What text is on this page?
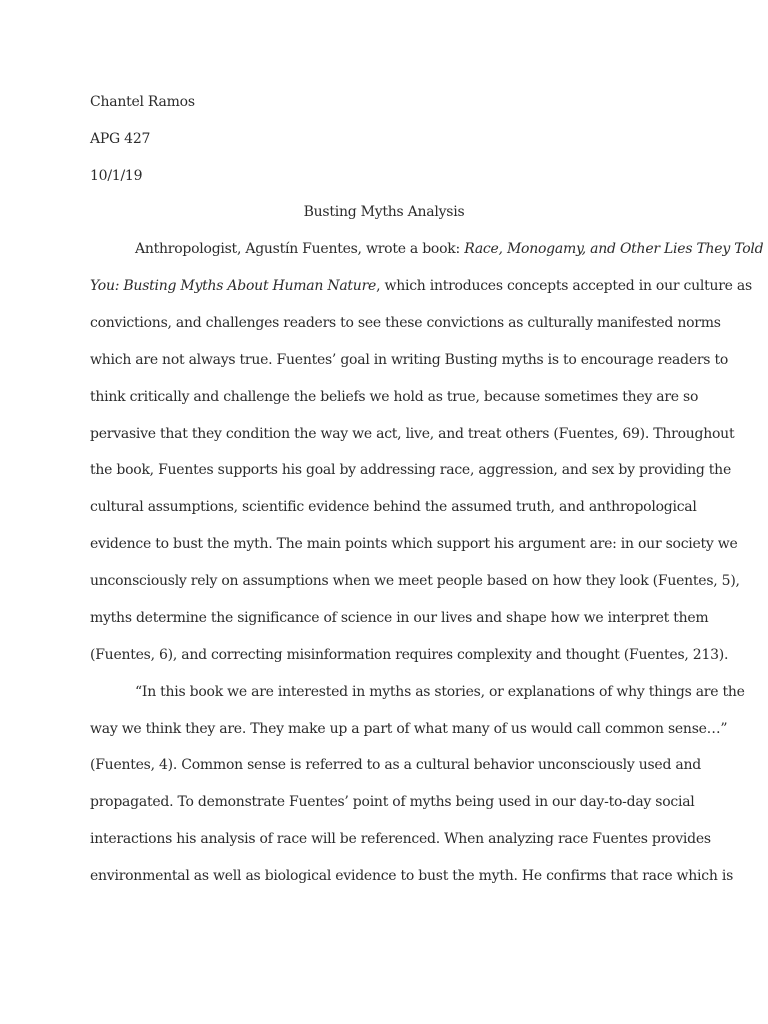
Chantel Ramos
APG 427
10/1/19
Busting Myths Analysis
Anthropologist, Agustín Fuentes, wrote a book: Race, Monogamy, and Other Lies They Told
You: Busting Myths About Human Nature, which introduces concepts accepted in our culture as
convictions, and challenges readers to see these convictions as culturally manifested norms
which are not always true. Fuentes’ goal in writing Busting myths is to encourage readers to
think critically and challenge the beliefs we hold as true, because sometimes they are so
pervasive that they condition the way we act, live, and treat others (Fuentes, 69). Throughout
the book, Fuentes supports his goal by addressing race, aggression, and sex by providing the
cultural assumptions, scientific evidence behind the assumed truth, and anthropological
evidence to bust the myth. The main points which support his argument are: in our society we
unconsciously rely on assumptions when we meet people based on how they look (Fuentes, 5),
myths determine the significance of science in our lives and shape how we interpret them
(Fuentes, 6), and correcting misinformation requires complexity and thought (Fuentes, 213).
“In this book we are interested in myths as stories, or explanations of why things are the
way we think they are. They make up a part of what many of us would call common sense…”
(Fuentes, 4). Common sense is referred to as a cultural behavior unconsciously used and
propagated. To demonstrate Fuentes’ point of myths being used in our day-to-day social
interactions his analysis of race will be referenced. When analyzing race Fuentes provides
environmental as well as biological evidence to bust the myth. He confirms that race which is
